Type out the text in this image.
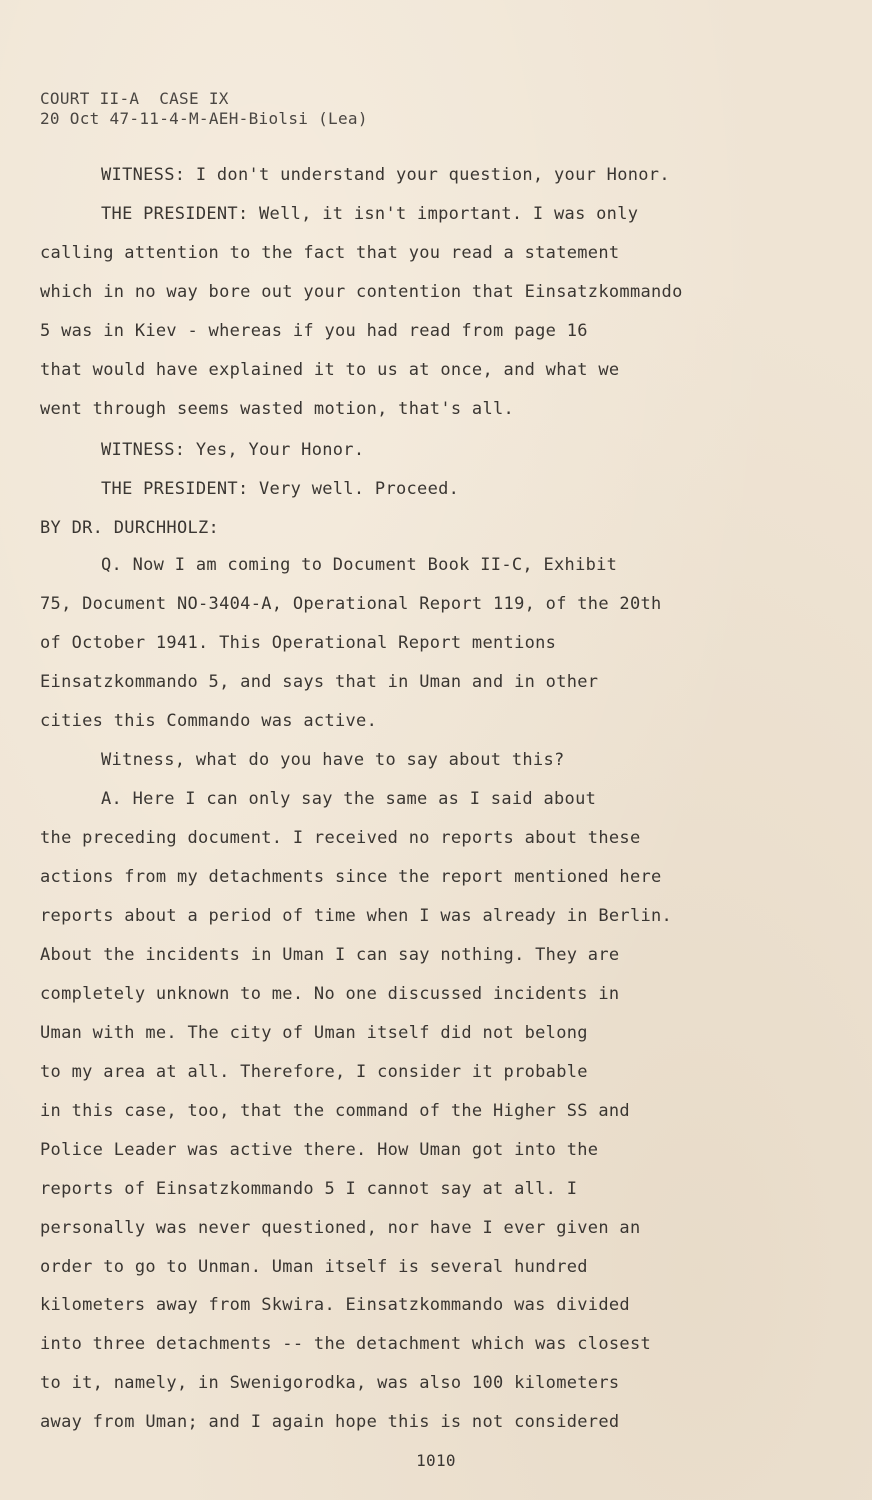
COURT II-A  CASE IX
20 Oct 47-11-4-M-AEH-Biolsi (Lea)
WITNESS: I don't understand your question, your Honor.
THE PRESIDENT: Well, it isn't important. I was only
calling attention to the fact that you read a statement
which in no way bore out your contention that Einsatzkommando
5 was in Kiev - whereas if you had read from page 16
that would have explained it to us at once, and what we
went through seems wasted motion, that's all.
WITNESS: Yes, Your Honor.
THE PRESIDENT: Very well. Proceed.
BY DR. DURCHHOLZ:
Q. Now I am coming to Document Book II-C, Exhibit
75, Document NO-3404-A, Operational Report 119, of the 20th
of October 1941. This Operational Report mentions
Einsatzkommando 5, and says that in Uman and in other
cities this Commando was active.
Witness, what do you have to say about this?
A. Here I can only say the same as I said about
the preceding document. I received no reports about these
actions from my detachments since the report mentioned here
reports about a period of time when I was already in Berlin.
About the incidents in Uman I can say nothing. They are
completely unknown to me. No one discussed incidents in
Uman with me. The city of Uman itself did not belong
to my area at all. Therefore, I consider it probable
in this case, too, that the command of the Higher SS and
Police Leader was active there. How Uman got into the
reports of Einsatzkommando 5 I cannot say at all. I
personally was never questioned, nor have I ever given an
order to go to Unman. Uman itself is several hundred
kilometers away from Skwira. Einsatzkommando was divided
into three detachments -- the detachment which was closest
to it, namely, in Swenigorodka, was also 100 kilometers
away from Uman; and I again hope this is not considered
1010
